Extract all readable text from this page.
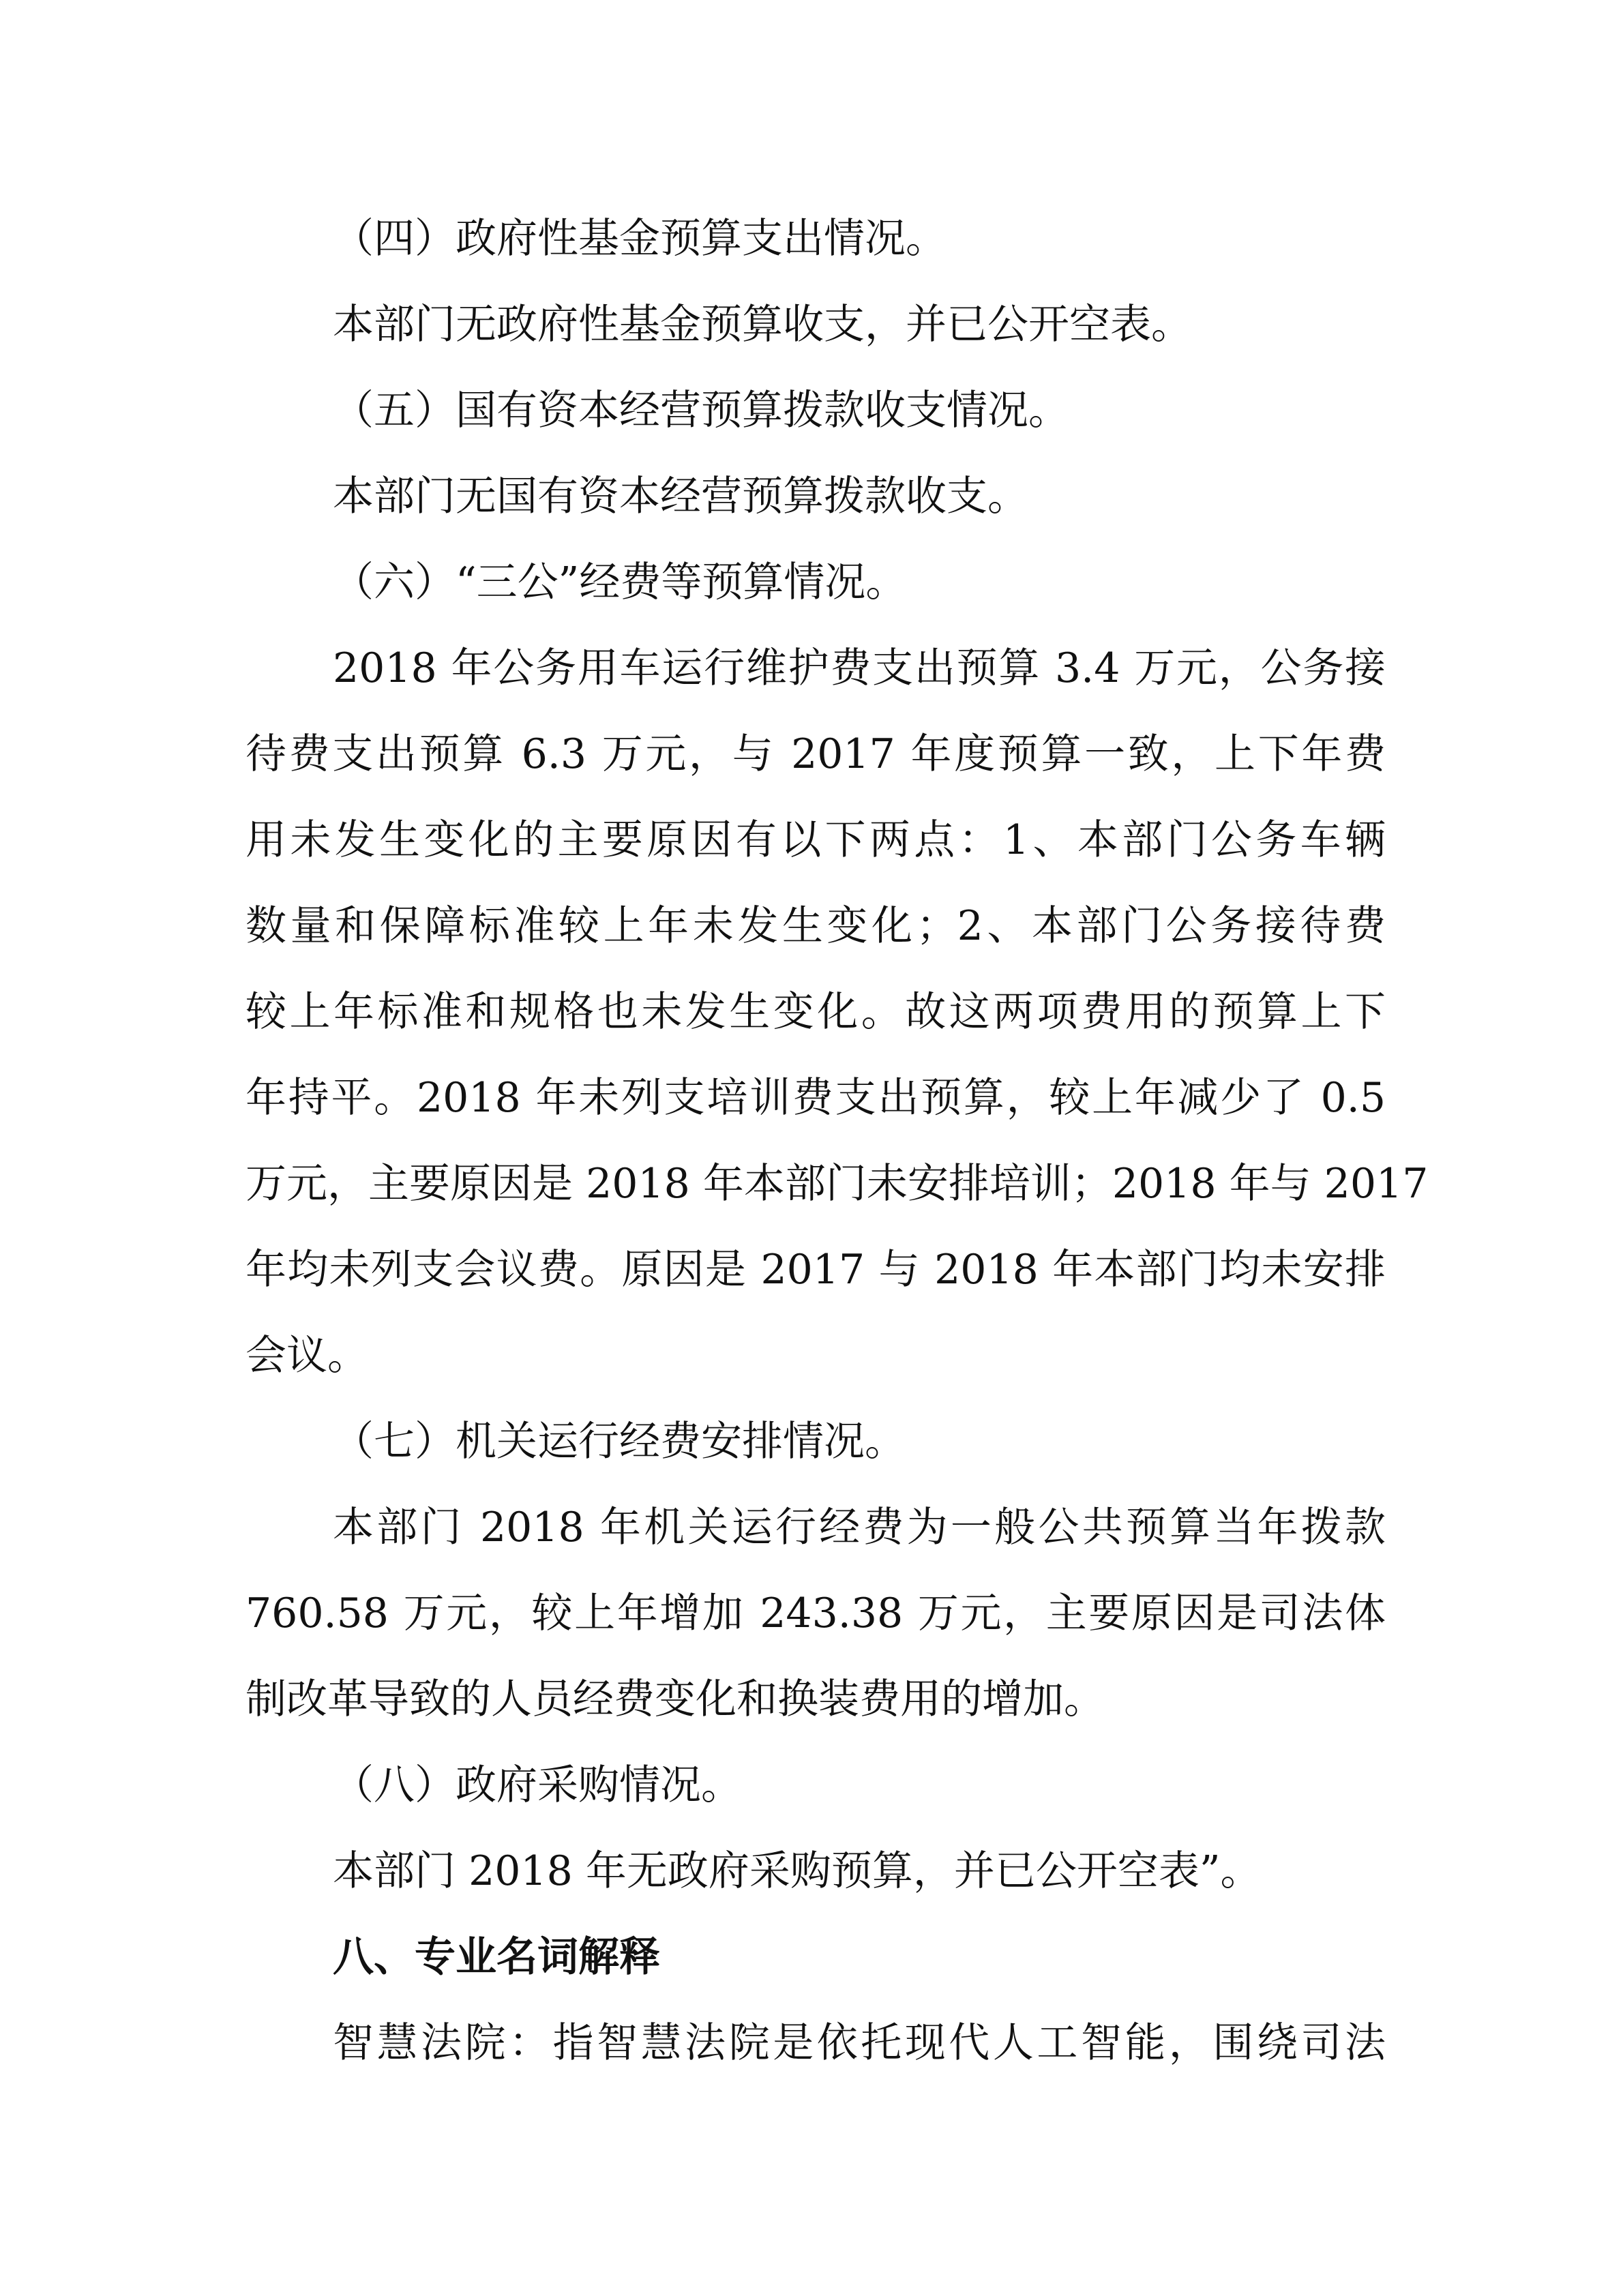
（四）政府性基金预算支出情况。
本部门无政府性基金预算收支，并已公开空表。
（五）国有资本经营预算拨款收支情况。
本部门无国有资本经营预算拨款收支。
（六）“三公”经费等预算情况。
2018 年公务用车运行维护费支出预算 3.4 万元，公务接
待费支出预算 6.3 万元，与 2017 年度预算一致，上下年费
用未发生变化的主要原因有以下两点：1、本部门公务车辆
数量和保障标准较上年未发生变化；2、本部门公务接待费
较上年标准和规格也未发生变化。故这两项费用的预算上下
年持平。2018 年未列支培训费支出预算，较上年减少了 0.5
万元，主要原因是 2018 年本部门未安排培训；2018 年与 2017
年均未列支会议费。原因是 2017 与 2018 年本部门均未安排
会议。
（七）机关运行经费安排情况。
本部门 2018 年机关运行经费为一般公共预算当年拨款
760.58 万元，较上年增加 243.38 万元，主要原因是司法体
制改革导致的人员经费变化和换装费用的增加。
（八）政府采购情况。
本部门 2018 年无政府采购预算，并已公开空表”。
八、专业名词解释
智慧法院：指智慧法院是依托现代人工智能，围绕司法
